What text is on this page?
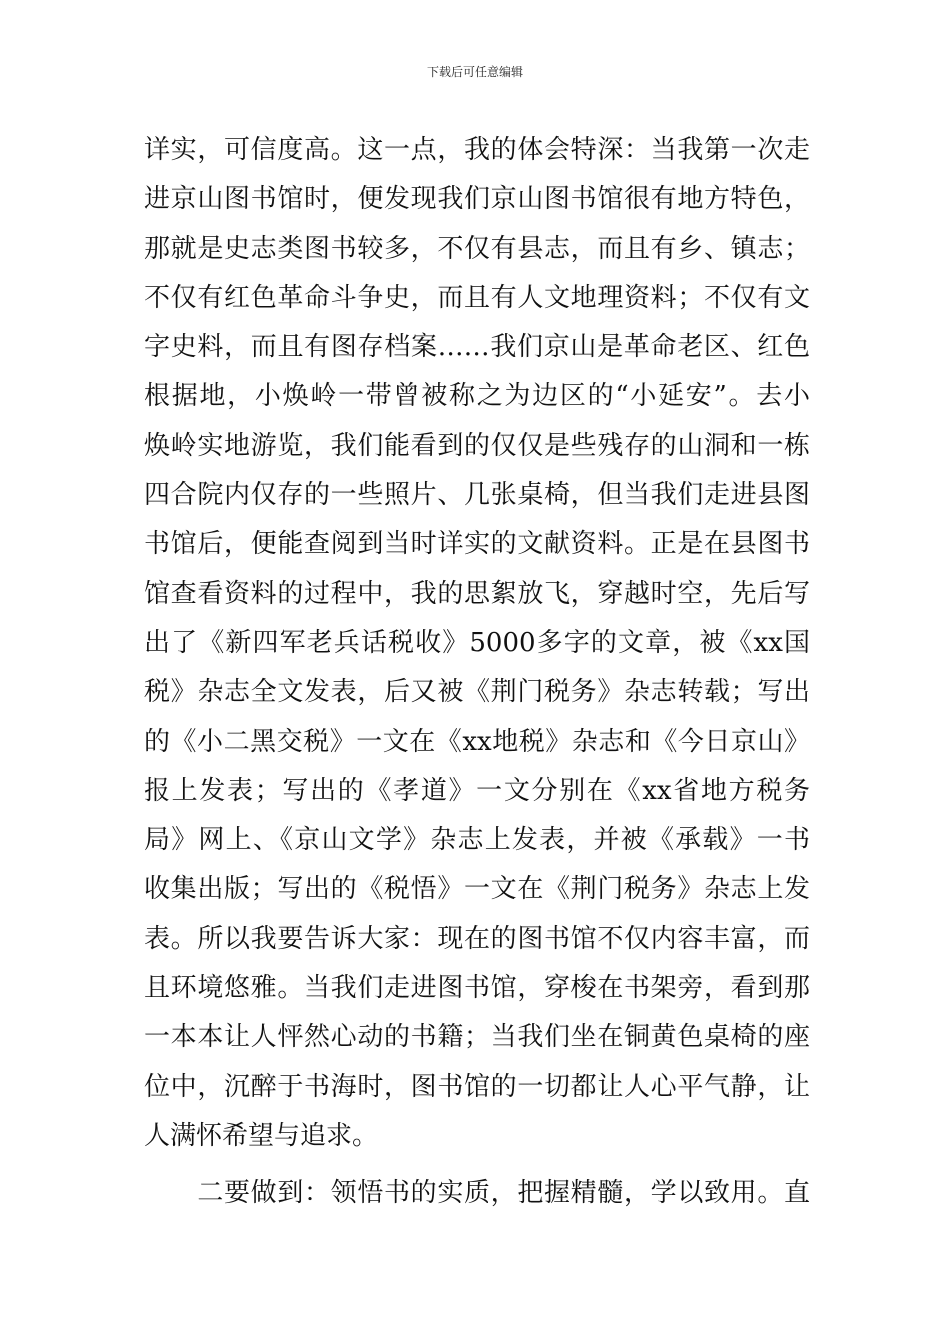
下载后可任意编辑
详实，可信度高。这一点，我的体会特深：当我第一次走
进京山图书馆时，便发现我们京山图书馆很有地方特色，
那就是史志类图书较多，不仅有县志，而且有乡、镇志；
不仅有红色革命斗争史，而且有人文地理资料；不仅有文
字史料，而且有图存档案……我们京山是革命老区、红色
根据地，小焕岭一带曾被称之为边区的“小延安”。去小
焕岭实地游览，我们能看到的仅仅是些残存的山洞和一栋
四合院内仅存的一些照片、几张桌椅，但当我们走进县图
书馆后，便能查阅到当时详实的文献资料。正是在县图书
馆查看资料的过程中，我的思絮放飞，穿越时空，先后写
出了《新四军老兵话税收》5000多字的文章，被《xx国
税》杂志全文发表，后又被《荆门税务》杂志转载；写出
的《小二黑交税》一文在《xx地税》杂志和《今日京山》
报上发表；写出的《孝道》一文分别在《xx省地方税务
局》网上、《京山文学》杂志上发表，并被《承载》一书
收集出版；写出的《税悟》一文在《荆门税务》杂志上发
表。所以我要告诉大家：现在的图书馆不仅内容丰富，而
且环境悠雅。当我们走进图书馆，穿梭在书架旁，看到那
一本本让人怦然心动的书籍；当我们坐在铜黄色桌椅的座
位中，沉醉于书海时，图书馆的一切都让人心平气静，让
人满怀希望与追求。
　　二要做到：领悟书的实质，把握精髓，学以致用。直
